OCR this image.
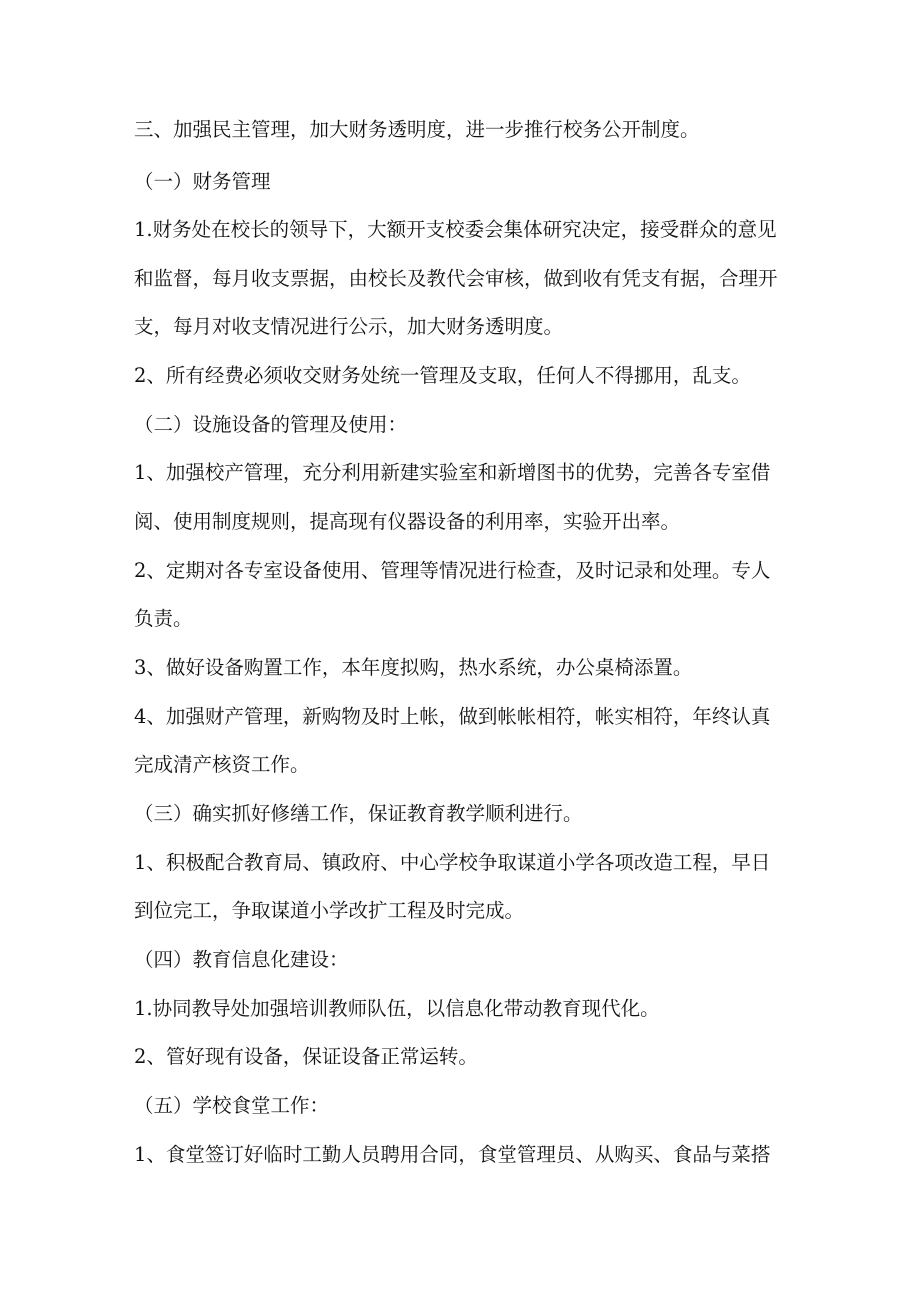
三、加强民主管理，加大财务透明度，进一步推行校务公开制度。

（一）财务管理

1.财务处在校长的领导下，大额开支校委会集体研究决定，接受群众的意见

和监督，每月收支票据，由校长及教代会审核，做到收有凭支有据，合理开

支，每月对收支情况进行公示，加大财务透明度。

2、所有经费必须收交财务处统一管理及支取，任何人不得挪用，乱支。

（二）设施设备的管理及使用：

1、加强校产管理，充分利用新建实验室和新增图书的优势，完善各专室借

阅、使用制度规则，提高现有仪器设备的利用率，实验开出率。

2、定期对各专室设备使用、管理等情况进行检查，及时记录和处理。专人

负责。

3、做好设备购置工作，本年度拟购，热水系统，办公桌椅添置。

4、加强财产管理，新购物及时上帐，做到帐帐相符，帐实相符，年终认真

完成清产核资工作。

（三）确实抓好修缮工作，保证教育教学顺利进行。

1、积极配合教育局、镇政府、中心学校争取谋道小学各项改造工程，早日

到位完工，争取谋道小学改扩工程及时完成。

（四）教育信息化建设：

1.协同教导处加强培训教师队伍，以信息化带动教育现代化。

2、管好现有设备，保证设备正常运转。

（五）学校食堂工作：

1、食堂签订好临时工勤人员聘用合同，食堂管理员、从购买、食品与菜搭
